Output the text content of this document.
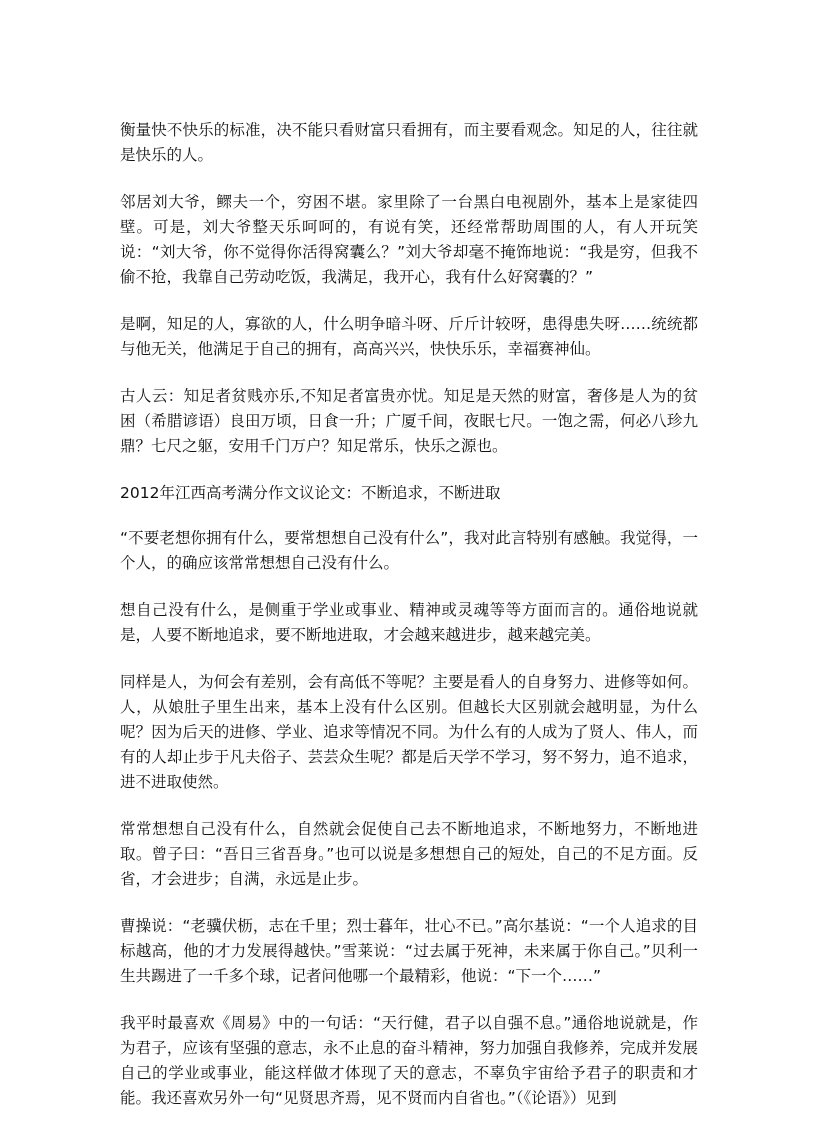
衡量快不快乐的标准，决不能只看财富只看拥有，而主要看观念。知足的人，往往就是快乐的人。

邻居刘大爷，鳏夫一个，穷困不堪。家里除了一台黑白电视剧外，基本上是家徒四壁。可是，刘大爷整天乐呵呵的，有说有笑，还经常帮助周围的人，有人开玩笑说：“刘大爷，你不觉得你活得窝囊么？”刘大爷却毫不掩饰地说：“我是穷，但我不偷不抢，我靠自己劳动吃饭，我满足，我开心，我有什么好窝囊的？”

是啊，知足的人，寡欲的人，什么明争暗斗呀、斤斤计较呀，患得患失呀……统统都与他无关，他满足于自己的拥有，高高兴兴，快快乐乐，幸福赛神仙。

古人云：知足者贫贱亦乐,不知足者富贵亦忧。知足是天然的财富，奢侈是人为的贫困（希腊谚语）良田万顷，日食一升；广厦千间，夜眠七尺。一饱之需，何必八珍九鼎？七尺之躯，安用千门万户？知足常乐，快乐之源也。

2012年江西高考满分作文议论文：不断追求，不断进取

“不要老想你拥有什么，要常想想自己没有什么”，我对此言特别有感触。我觉得，一个人，的确应该常常想想自己没有什么。

想自己没有什么，是侧重于学业或事业、精神或灵魂等等方面而言的。通俗地说就是，人要不断地追求，要不断地进取，才会越来越进步，越来越完美。

同样是人，为何会有差别，会有高低不等呢？主要是看人的自身努力、进修等如何。人，从娘肚子里生出来，基本上没有什么区别。但越长大区别就会越明显，为什么呢？因为后天的进修、学业、追求等情况不同。为什么有的人成为了贤人、伟人，而有的人却止步于凡夫俗子、芸芸众生呢？都是后天学不学习，努不努力，追不追求，进不进取使然。

常常想想自己没有什么，自然就会促使自己去不断地追求，不断地努力，不断地进取。曾子曰：“吾日三省吾身。”也可以说是多想想自己的短处，自己的不足方面。反省，才会进步；自满，永远是止步。

曹操说：“老骥伏枥，志在千里；烈士暮年，壮心不已。”高尔基说：“一个人追求的目标越高，他的才力发展得越快。”雪莱说：“过去属于死神，未来属于你自己。”贝利一生共踢进了一千多个球，记者问他哪一个最精彩，他说：“下一个……”

我平时最喜欢《周易》中的一句话：“天行健，君子以自强不息。”通俗地说就是，作为君子，应该有坚强的意志，永不止息的奋斗精神，努力加强自我修养，完成并发展自己的学业或事业，能这样做才体现了天的意志，不辜负宇宙给予君子的职责和才能。我还喜欢另外一句“见贤思齐焉，见不贤而内自省也。”（《论语》）见到
